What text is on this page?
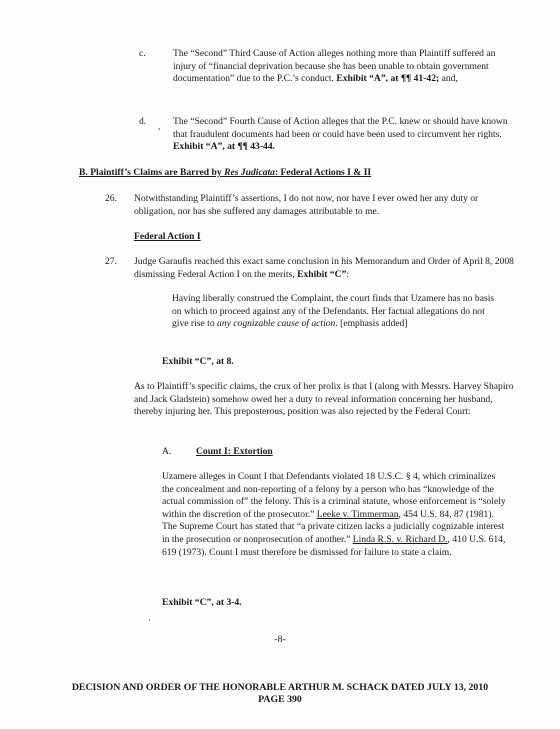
c.	The “Second” Third Cause of Action alleges nothing more than Plaintiff suffered an injury of “financial deprivation because she has been unable to obtain government documentation” due to the P.C.’s conduct. Exhibit “A”, at ¶¶ 41-42; and,

d. , The “Second” Fourth Cause of Action alleges that the P.C. knew or should have known that fraudulent documents had been or could have been used to circumvent her rights. Exhibit “A”, at ¶¶ 43-44.

B. Plaintiff’s Claims are Barred by Res Judicata: Federal Actions I & II

26. Notwithstanding Plaintiff’s assertions, I do not now, nor have I ever owed her any duty or obligation, nor has she suffered any damages attributable to me.

Federal Action I

27. Judge Garaufis reached this exact same conclusion in his Memorandum and Order of April 8, 2008 dismissing Federal Action I on the merits, Exhibit “C”:

Having liberally construed the Complaint, the court finds that Uzamere has no basis on which to proceed against any of the Defendants. Her factual allegations do not give rise to any cognizable cause of action. [emphasis added]

Exhibit “C”, at 8.

As to Plaintiff’s specific claims, the crux of her prolix is that I (along with Messrs. Harvey Shapiro and Jack Gladstein) somehow owed her a duty to reveal information concerning her husband, thereby injuring her. This preposterous, position was also rejected by the Federal Court:

A.	Count I: Extortion

Uzamere alleges in Count I that Defendants violated 18 U.S.C. § 4, which criminalizes the concealment and non-reporting of a felony by a person who has “knowledge of the actual commission of” the felony. This is a criminal statute, whose enforcement is “solely within the discretion of the prosecutor.” Leeke v. Timmerman, 454 U.S. 84, 87 (1981). The Supreme Court has stated that “a private citizen lacks a judicially cognizable interest in the prosecution or nonprosecution of another.” Linda R.S. v. Richard D., 410 U.S. 614, 619 (1973). Count I must therefore be dismissed for failure to state a claim.

Exhibit “C”, at 3-4.

·

-8-

DECISION AND ORDER OF THE HONORABLE ARTHUR M. SCHACK DATED JULY 13, 2010

PAGE 390
